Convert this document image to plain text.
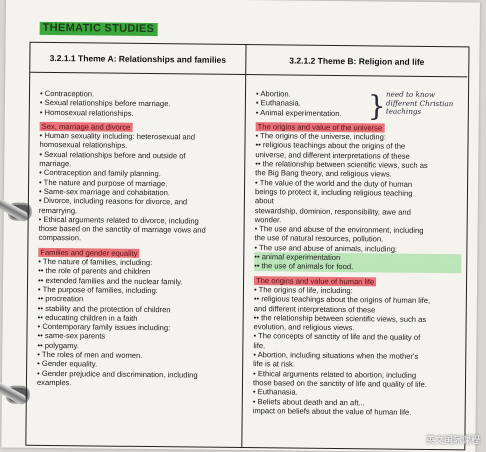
THEMATIC STUDIES
3.2.1.1 Theme A: Relationships and families	3.2.1.2 Theme B: Religion and life
• Contraception.
• Sexual relationships before marriage.
• Homosexual relationships.
Sex, marriage and divorce
• Human sexuality including: heterosexual and
homosexual relationships.
• Sexual relationships before and outside of
marriage.
• Contraception and family planning.
• The nature and purpose of marriage.
• Same-sex marriage and cohabitation.
• Divorce, including reasons for divorce, and
remarrying.
• Ethical arguments related to divorce, including
those based on the sanctity of marriage vows and
compassion.
Families and gender equality
• The nature of families, including:
•• the role of parents and children
•• extended families and the nuclear family.
• The purpose of families, including:
•• procreation
•• stability and the protection of children
•• educating children in a faith
• Contemporary family issues including:
•• same-sex parents
•• polygamy.
• The roles of men and women.
• Gender equality.
• Gender prejudice and discrimination, including
examples.
• Abortion.
• Euthanasia.
• Animal experimentation. } need to know
different Christian
teachings
The origins and value of the universe
• The origins of the universe, including:
•• religious teachings about the origins of the
universe, and different interpretations of these
•• the relationship between scientific views, such as
the Big Bang theory, and religious views.
• The value of the world and the duty of human
beings to protect it, including religious teaching
about
stewardship, dominion, responsibility, awe and
wonder.
• The use and abuse of the environment, including
the use of natural resources, pollution.
• The use and abuse of animals, including:
•• animal experimentation
•• the use of animals for food.
The origins and value of human life
• The origins of life, including:
•• religious teachings about the origins of human life,
and different interpretations of these
•• the relationship between scientific views, such as
evolution, and religious views.
• The concepts of sanctity of life and the quality of
life.
• Abortion, including situations when the mother's
life is at risk.
• Ethical arguments related to abortion, including
those based on the sanctity of life and quality of life.
• Euthanasia.
• Beliefs about death and an aft...
impact on beliefs about the value of human life.
英文国际课程
